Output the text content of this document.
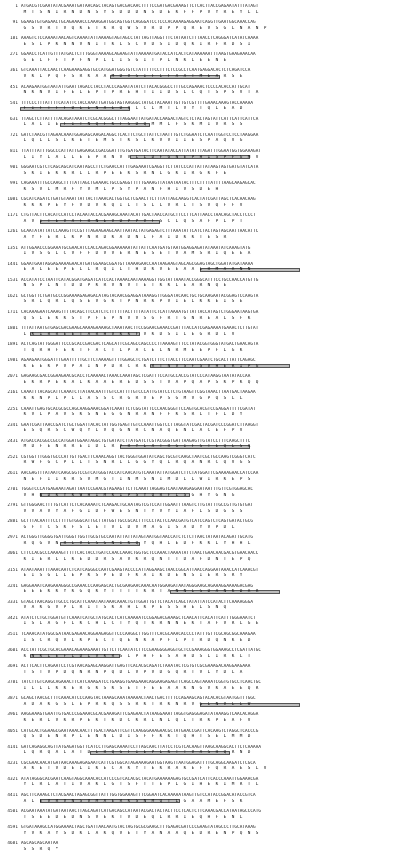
1 ATGACGTCGAATATACGAAATGATAACAGCTACAGTGACGACAACTTTTCCGATGACGAAAGTTCTCACTTACCGAGAATATTTATAGT
M  T  S  N  I  R  N  D  N  S  Y  S  D  D  D  N  S  D  E  K  F  F  P  V  Y  R  E  Y  L  L
91 GGAAGTGTGAGAACTGCAGAAAACCCAAAGGATGGCAGTGGTCAGGGATCCTCCCACAAAAGAGGAATCAGGTTGAATGGCAAACCAG
G  S  V  R  T  V  Q  K  E  T  K  R  Q  W  S  V  R  D  P  P  Q  R  E  V  S  G  L  N  A  N  P
181 AAAGTCTCCAAAATAACAGTCAAAATATTAAAAGTAGTAGCCTATTAGTTAGGTTTCTATAATCTTTAACCTCAGGGATCATATCAAAA
E  S  L  P  K  N  N  V  N  I  T  K  L  S  C  V  D  S  I  D  Q  K  I  R  F  R  D  S  I
271 GGAACCTCATTGTTTATGACTCTTTGGGTAAAAGCAGAAGTATTAAAAATGATACCATCACTCATAAAAAATTTAAGTGAAGAAACAA
G  E  L  F  F  T  P  F  N  P  L  L  I  S  G  I  T  P  L  N  K  L  E  E  N  E
361 GTCAAATTACCAACTCAAGAAAGAGGTGCCATGGATGGGTGTCTATTTTTCCTTTCTCCGCCTCAATGAGGACACTCTCAGATCCA
V  K  L  P  Q  F  S  R  K  A  A  M  D  V  S  I  F  L  F  A  A  T  M  E  A  R  S  E
451 ACAAGAATGGTAATATTGAATTAGACCTACCTACCCAGAATATATCTTACACGGGCCTTTGCCAGAAACTCCCCACACCATTGCAT
N  K  N  V  I  F  E  L  E  P  T  P  R  E  H  T  I  I  D  S  L  C  Q  T  S  P  S  V  T  A
541 TTTCCCTTTATTTTCATATTCTACCAAATTGATGGTAGTAAGGGCTATGCTACAAATTGTTGTCGTTTTGAAACAAAGTACCAAAAA
F  I  F  T  F  F  D  L  L  N  A  L  D  V  L  C  L  M  T  L  V  Y  T  Q  L  E  A  D
631 TTAGCTCTTATTTTACAGATAAATCTCGCACGGGCTTTAGGAATTATGATACCAAGACTAGTCTCTACTAGTATTCATTCATTCATTCA
L  A  L  I  E  F  I  T  N  Q  F  K  F  S  D  Q  M  M  L  F  S  K  M  I  V  R  S  S
721 GATCTAACGTTAGAACAAATGGAGAGCAAGACAGGCTCACTTCTGCTTATTCTAATTTGTCTGGAATCTCAATTGGTCCTCCTAAGGAA
L  Q  L  L  S  L  K  E  T  E  M  S  T  K  S  L  K  V  V  I  I  E  S  P  A  Q  V  G
811 TTATTTATTTGGCCCATTATTGAGAAGCCGACGGATTTGTGATGATACTTCAATATACCATTATATTTAGATTTGGAATGGTGGAAAGAT
L  I  Y  L  A  L  L  E  E  P  R  N  V  V  L  L  D  F  G  N  E  P  H  I  S  P  F  G  M  V
901 GGGAATCGTCTCAGCAGCATCAATAGCCTTCTGAACCATTTGAGAAATCGAGGTTCTTATCCCATTATTATAAGTAGTGATGTATCATA
S  K  I  E  K  K  R  L  L  R  P  E  E  K  S  R  N  L  G  K  I  R  G  K  F  E
991 CAGAAATTTGCCAAGCTTTTATTAGCTGAAAACTGCCGAGGTTTTTGAAAGTTATAATAATACTTTCTTTTATTTTAAGCAAGAGCAC
K  S  V  L  M  R  F  Y  V  M  L  P  S  Y  P  A  N  F  H  I  V  S  D  E  H
1081 CGCATCAGATCTGATGTAAATTATTACTTAAACACTGGTGCTCGAACTTCTTTATTAGCAAGGTCACTATCGATTAGCTCACAACAAG
K  K  K  P  E  Y  F  V  D  V  K  Q  I  L  T  S  L  L  V  R  L  T  S  V  Q  F  F  V
1171 CTGTTACTTCACATCCATCCTACAATACCACGAAAGCAAATACATTGACTAACCATGCTTCCTTCATTAACCTAACAGCTACCTCCCT
A  V  I  T  E  V  A  F  R  N  E  V  D  P  P  V  F  S  C  L  Q  S  A  F  P  L  P  T
1261 GCAATATATTATCCAAAGTTCCGTTTAGAAGAAGCAATTAATACTATGAGAGTCTTTAAATATTCATCTACTAGTAGCAATTAACATTC
A  Y  F  E  R  L  K  P  N  R  D  K  A  D  N  L  F  A  I  D  K  K  T  E  S  R
1351 ATTGGAACCCGGAAATGCGAACATCCACCAGACGGAAAAAATATTATTCAATGATGTAATGGAGGAGATATAAATATCAAAGTATG
I  V  S  G  L  C  V  F  F  D  V  V  E  R  N  E  S  E  T  V  A  M  S  R  I  Q  E  E  A
1441 GGAATGAATAGGAGAAAAGAACATGATGGAAGCGGATGTTAAAAGAACCAATAAGAAGTAGCAGCGGAGTAGCTGGATATGATAAAA
E  A  L  E  E  P  E  L  L  R  Q  I  L  T  H  D  K  V  E  E  A  A  L  R  M  A  A  N  N
1531 ACCATATCCTAATTCATACGGATGAGATCATCCACTAAAACAATAAAAGGTTGGTATTAAATACCGGGCATTTCCTGCCAACCATGTTG
N  S  P  L  N  T  D  D  P  K  R  V  N  V  T  E  T  K  K  L  E  A  R  N  Q  E
1621 GCTGGTTCTGATGCCCGGAAAAGAGAGACATAGTACAACGGAGGATAAAGGTTGGGATACAACTGCTGCAAGAATACGGAGTCCAAGTA
S  R  L  Q  R  L  Q  S  E  V  G  K  T  P  N  R  K  P  V  I  E  L  K  K  E  I  S  E
1711 CACAAAGAATCAAAGTTTTACAGCTTCCATCTCTTTTTTACTTTTATATTCTCATTAAAATGTTATTACCATAGTCTGGGAATAAGTGA
Q  S  L  E  K  K  S  T  P  F  E  P  N  V  V  S  G  F  R  T  G  N  R  E  A  L  S  F  K
1801 TTTATTAATGTGAGCGACGAAGCAAAAGAAAAGCTAAATAACTTCCGGAACGAAACCGATTTACCATCGAGAAAATGAAACTCTTGTAT
L  K  I  R  R  E  E  T  A  R  H  V  K  K  F  V  K  D  S  I  L  E  G  R  D  L  V
1891 ACTCAGTATTGGGATTCCCGCACCGACGACTCAGCATTCGCAGCCAGCCCCTTAAAAGTTTCCTATACGGTGGGTATGACTGAACAGTA
T  Q  R  H  F  E  K  T  F  A  C  T  L  P  A  C  E  L  N  R  M  E  E  P  F  L  G  K
1981 AGAAGAATGGGATTTGAATTTTTGCTTCTAAAAGTTTTGGAGCTCTGATCTTTCTTACCTTCCAATCGAATCTGCACTTATTCAGAGC
K  E  E  K  P  V  P  A  I  N  P  D  R  C  R  K  R  T  N  V  S  F  S  V  H  E  R  I  P  G
2071 GAGAAGCGACCGGAAGAACGCACCTCAAAAACTAAACCAAATAGCTCGATTTCCATGCCACCGTATCCCATAAGGTAATATACCAA
E  K  R  P  E  K  A  L  K  A  A  E  R  E  D  S  S  T  V  A  P  Q  A  P  S  K  P  K  Q  Q
2161 CAAATTTACAGCATTCAAATCTTATAACAATTTGTCCATTTTGTCCCATTGTATCCTCTGTAAGTTCGGTAAACTTAATGACTAAGAA
K  K  N  P  L  P  L  L  A  S  S  C  R  G  R  V  E  P  S  G  M  V  G  P  Q  S  L  L
2251 CAAATTGAGTGCACGCGCCAGCAAGGAAACGGATCAAATTCTCGGTATTCCCAACGGGTTCCAGTGCACGTCCGAGGATTTTCGATAT
K  V  L  P  A  V  S  K  S  N  E  G  G  N  R  A  N  F  F  K  S  R  L  T  F  L  D  Y
2341 GAATCGATTAACCGATCTGCTGGATTACACTATTGGTGAGTTGTCCAAATTGGTCCTTAGGTATCGACTACGATCCCGGATCTTAAGGT
E  S  Q  R  S  C  W  Q  Y  L  V  Q  G  N  R  C  N  A  Q  E  N  L  A  C  E  F  P  V
2431 ATGACCACGGCCGCCATGGATGGAATAGGCTGTGATATCTTATGATCTCGTACGGGTGATTAAGAGTTGTATCCTTTCAAGCTTTC
M  D  F  E  N  R  R  E  I  D  L  R  P  R  Y  L  A  T  R  G  I  F  S  T  E  Q  L  S  A
2521 CGTGGTTTGGGTGCCCATTGTTGACTTCAAACAGGTTACTGGGTGGATATCAGCTGCGTCAAGCTAATCGCTGCCAAGTCGGGTCATC
R  W  F  G  C  P  L  L  T  S  N  R  L  L  G  G  Y  Q  L  R  Q  A  N  R  C  Q  V  G  S
2611 AACGAGTTTATAATCAAGCGGTCCGTCATGGGTACCATCAACATGTCAAATATTATGGATCTTCTATGGATTCGAAAAGAACCATCCAA
N  E  F  I  I  K  R  S  V  M  G  T  I  N  M  S  N  I  M  D  L  L  W  I  R  K  E  P  S
2701 TGGGTCCCATGAGAAATAGATTAATCCGAACGTAGAAGTTCTTCAAATTAGGAGTCAATAAAGAGGAATAATTTGTTCGTGGAGCAC
V  H  N  D  K  Y  K  W  H  I  M  K  I  P  S  Y  Q  R  F  L  S  G  H  Y  G  N  G
2791 GTTGGGAACTTTTGTCATTCTCACAAAATCTCAAGACTGCAATAGTCGTCCATTGGAATTTAAGTCTTGTATTTGCCGTTGTGTGAT
V  V  A  V  Y  A  F  G  I  D  F  W  E  S  N  T  Y  V  Y  I  A  F  L  S  D  G  S  S
2881 GCTTTACAATTTCCTTTTGTGGGCATTGCTTATGGTTGCCGCACTTTCCCTACTCCAACGATGTCATCCAGTCTCAGTGATACTGCG
G  F  T  C  S  K  F  S  L  E  T  V  L  D  V  M  A  G  I  S  A  D  Y  V  P  D  L
2971 ACTGGGTTGGGGTGATTGGGTTGGTTGCGTGCCAATATTATTATAGTAATGGTAACCATCTCTCTTAACTATAATACAGATTGCATG
R  Q  G  V  N  R  L  V  L  S  G  N  I  K  Q  Y  Q  H  L  E  D  F  K  K  L  Y  H  H  L
3061 CTTCCACGCCCAAAAGTTTTTCACTACCTGATCCAACCAAACTGGTGCTCCAAACTAAAATATTTAACTGAACAACGACGTGAACAACC
K  I  E  R  L  L  K  E  D  D  R  S  A  V  K  R  Q  N  T  T  D  A  F  D  N  T  E  P  Q
3151 ATAATAAATTTAAACAATCTCATCAGGGCCAATCGAAGTACCCCATTAGGAAGCTAACCGGCATTAACCAGGAATAAACCATCAAACGT
E  I  S  G  L  L  E  P  K  S  P  E  D  F  K  A  I  K  D  E  N  S  I  E  R  S  R  Y
3241 GAGGAAATCAAGAAAGGGCCGAAACCCAAGAGCACTGCGAAGAACAAACAATGGAAGATAATAGGGAAGCAGAAAGGAAAAGACGAG
E  E  E  K  K  Y  K  G  Q  K  Y  T  T  T  T  K  R  T  A  N  N  L  S  D  A  N  K  D  A  R
3331 GTAGCTAACAGGTTGCCCTGCATTCAAATAATAAACAAACTGTTGGATTGTTCTACATCAGCTATATTATCCATACTTCAAAAGGGA
V  A  K  G  V  P  L  R  I  T  S  K  A  H  L  K  P  E  S  S  H  E  L  S  N  Q
3421 ATATCTCTGCTGGATGTTCAAATCATGCTATGCACTCATCAAAAATCCGGAGACGAAAGCTCAACATTCACATTCATTTGGGAAATCT
I  S  L  A  G  F  L  K  C  H  L  C  T  Y  Q  T  K  R  N  N  E  K  T  A  F  V  R  L  G  E
3511 TCAAACATATGGCGATAACGAGAACAGGAAGAGGTTCCCAAGGCTTGGTTTCACGCAAACACCCCTATTTGTTCGCAGCGGCAAAGAA
I  S  C  R  Q  V  L  K  P  E  C  T  Q  E  N  K  A  P  F  L  P  T  R  D  Q  N  K  E  D
3601 ACCTATTCGCTGCACGAAACAGAAAGAAATTGTTCTTCAATATCTTCCGAAGGGGAGGTGCTCCGAAAGGGTGGAAAGCCTCGATTATGC
K  N  K  L  E  F  L  D  L  V  K  R  S  L  P  H  F  E  S  A  H  D  S  L  I  R  K  L  T
3691 ACTTCACTTCAGAATCCTCGTAACAGAGCAAGGATTGAGTTCACACGCAGATCTAAATACTCGTGTCGCGAAAGACAAGGAAGAAA
T  S  T  V  P  D  Q  N  R  N  P  Q  D  L  V  P  V  D  G  Q  R  T  V  L  Y  D  L  A
3781 TATCTTGTCAAGCAGAAACTTCATCAAAGATCCTGAAGGTGAAGAAACAGGAAGAGAGTTCAGCCAGTAAAATCGGTGTGCCTCAACTGC
I  L  L  L  K  K  E  R  G  K  S  K  S  E  T  F  E  E  A  A  K  N  G  V  K  A  E  E  Q  R
3871 GCAGCTAACGCTTTCAAACATCCCAAGTACTAAAGCAAATAAAAACTAACTGACTTTTCCAGAAGCAGTACACACGTAATGGTTTGGC
A  D  A  K  G  S  L  E  P  R  K  Q  S  S  R  K  T  R  K  N  R  V  G  L  N  V  L  L  W
3961 AAGGAAAGTGAATTGTGACCCGGAAACGCACGAAAGATTCGAGAACTATAAGGAAATTAGGTGAGGGAGATATAAAGGTCAACACAGGA
K  E  R  L  V  K  R  P  E  K  T  K  D  C  K  R  L  N  L  Q  L  T  R  K  P  E  A  F  V
4051 CATGCACTGGAAGCGAATAAACAACTTTGACTAAGATTCGTTCAAGGGAAAGAACGCTATGAACCGATTCACAAGTCTAGGCTCACCCG
Q  S  D  E  N  R  P  L  E  N  N  L  D  I  S  F  F  K  K  T  Q  H  T  S  E  L  M  M  D
4141 GATCAGAGGCAGTTATGAGATGGTTCATCCTTGAGCAAAATCCTTAGCAACTTATCCTCGTCACAAGTTAAGCAAGGCACTTCTCAAAAA
L  Q  R  Q  A  L  A  T  D  L  R  Q  G  F  I  E  P  L  K  T  T  V  A  S  H  Q  R  N  D
4231 CGCGAACAACATGATAACAAAGAGAGAATCATTCGTGGCATAGAAAAGAATGGTAAGTTAATGGAGATTTTGCAGGCAAGATCTCGCA
A  K  E  T  V  D  E  L  I  K  E  C  A  K  Y  T  E  K  R  A  K  E  F  F  Q  R  A  E  S  L  V
4321 ATATAGGGCACGAATCAAGTAGGCAAACACCATCCCGTCACACGCTACATGAAAAAAGAGTGCCGATCATTCACCCAAATTGGAAACGA
Y  L  R  L  A  T  I  V  A  K  L  G  T  S  F  T  T  E  P  L  G  I  H  E  K  I  M  R  T  L
4411 AGCTTCAAAGCTCTACGAACTAGAGCGGTTATTTGGTGGAAAGTTTCGGAATCACAAAAATAAGTTGTCCATACCGGACATACCGTCA
A  L  E  V  R  V  N  S  V  M  A  E  R  K  S  N  M  Q  T  L  G  A  A  M  E  F  S  K
4501 ACGAATAAATATGATAATAACTTAGCAGATCATGACAGCCATAATACGACTACTACTTCCTCACTCTTCAAACGACCATAATAGCCCATG
T  S  E  E  D  E  D  N  S  V  E  K  T  V  D  E  Q  L  R  R  I  E  Q  H  F  E  N  L
4591 GTGATAAAGCCATGGAAAACTAGCTGATTAACAATGTACTAGTGCGCGAAGCTTTGAGACGATCCCGAAGTATAGCCCTTGCATAAAG
Y  V  K  A  Y  S  D  K  L  A  K  Q  V  E  T  Y  A  N  A  A  Q  E  D  R  E  N  P  Q  N  S
4681 AGCAGCAGCAATAA
S  S  R  Q  *
